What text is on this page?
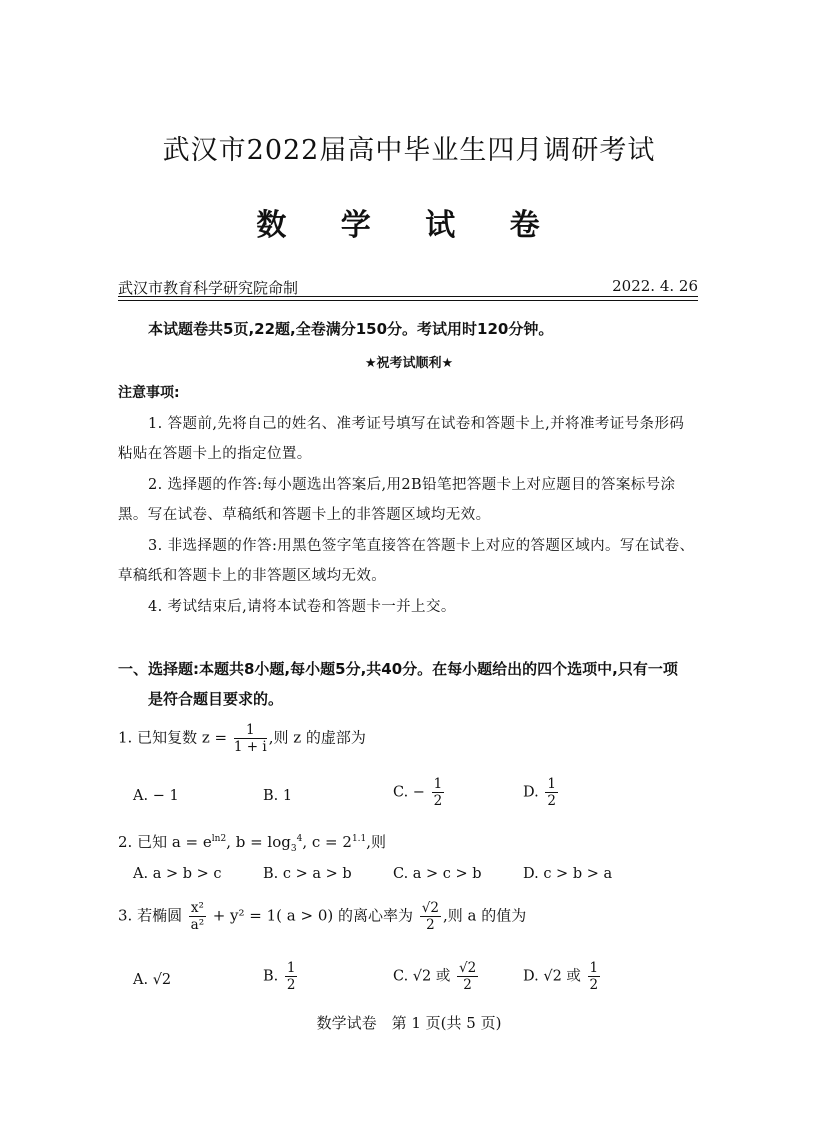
武汉市2022届高中毕业生四月调研考试
数 学 试 卷
武汉市教育科学研究院命制	2022. 4. 26
本试题卷共5页,22题,全卷满分150分。考试用时120分钟。
★祝考试顺利★
注意事项:
1. 答题前,先将自己的姓名、准考证号填写在试卷和答题卡上,并将准考证号条形码
粘贴在答题卡上的指定位置。
2. 选择题的作答:每小题选出答案后,用2B铅笔把答题卡上对应题目的答案标号涂
黑。写在试卷、草稿纸和答题卡上的非答题区域均无效。
3. 非选择题的作答:用黑色签字笔直接答在答题卡上对应的答题区域内。写在试卷、
草稿纸和答题卡上的非答题区域均无效。
4. 考试结束后,请将本试卷和答题卡一并上交。
一、选择题:本题共8小题,每小题5分,共40分。在每小题给出的四个选项中,只有一项
是符合题目要求的。
1. 已知复数 $z = \frac{1}{1 + i}$ ,则 z 的虚部为
A. − 1	B. 1	C. − $\frac{1}{2}$	D. $\frac{1}{2}$
2. 已知 $a = e^{ln2}$, $b = \log_3^4$, $c = 2^{1.1}$,则
A. a > b > c	B. c > a > b	C. a > c > b	D. c > b > a
3. 若椭圆 $\frac{\text{x²}}{\text{a²}} + y^2 = 1$( a > 0) 的离心率为 $\frac{√2}{2}$ ,则 a 的值为
A. √2	B. $\frac{1}{2}$	C. √2 或 $\frac{√2}{2}$	D. √2 或 $\frac{1}{2}$
数学试卷　第 1 页(共 5 页)
